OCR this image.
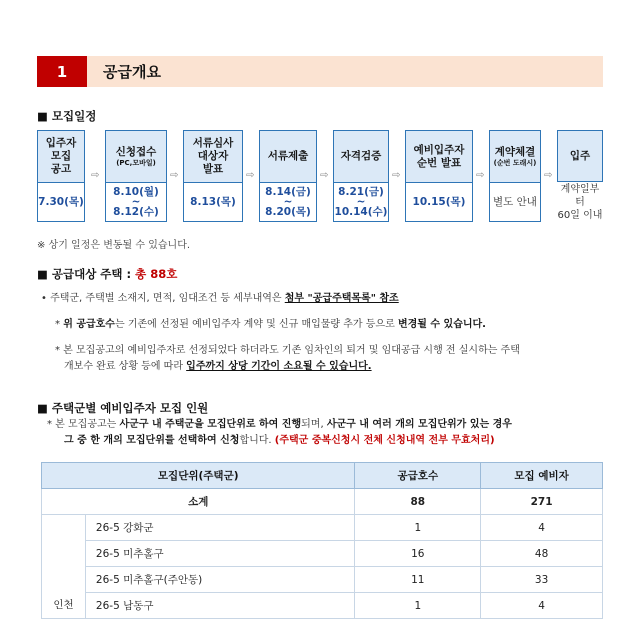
1	공급개요
■ 모집일정
입주자
모집
공고
7.30(목)
⇨
신청접수
(PC,모바일)
8.10(월)
~
8.12(수)
⇨
서류심사
대상자
발표
8.13(목)
⇨
서류제출
8.14(금)
~
8.20(목)
⇨
자격검증
8.21(금)
~
10.14(수)
⇨
예비입주자
순번 발표
10.15(목)
⇨
계약체결
(순번 도래시)
별도 안내
⇨
입주
계약일부터
60일 이내
※ 상기 일정은 변동될 수 있습니다.
■ 공급대상 주택 : 총 88호
• 주택군, 주택별 소재지, 면적, 임대조건 등 세부내역은 첨부 "공급주택목록" 참조
* 위 공급호수는 기존에 선정된 예비입주자 계약 및 신규 매입물량 추가 등으로 변경될 수 있습니다.
* 본 모집공고의 예비입주자로 선정되었다 하더라도 기존 임차인의 퇴거 및 임대공급 시행 전 실시하는 주택
개보수 완료 상황 등에 따라 입주까지 상당 기간이 소요될 수 있습니다.
■ 주택군별 예비입주자 모집 인원
* 본 모집공고는 사군구 내 주택군을 모집단위로 하여 진행되며, 사군구 내 여러 개의 모집단위가 있는 경우
그 중 한 개의 모집단위를 선택하여 신청합니다. (주택군 중복신청시 전체 신청내역 전부 무효처리)
모집단위(주택군)		공급호수	모집 예비자
소계		88	271
인천	26-5 강화군	1	4
	26-5 미추홀구	16	48
	26-5 미추홀구(주안동)	11	33
	26-5 남동구	1	4
